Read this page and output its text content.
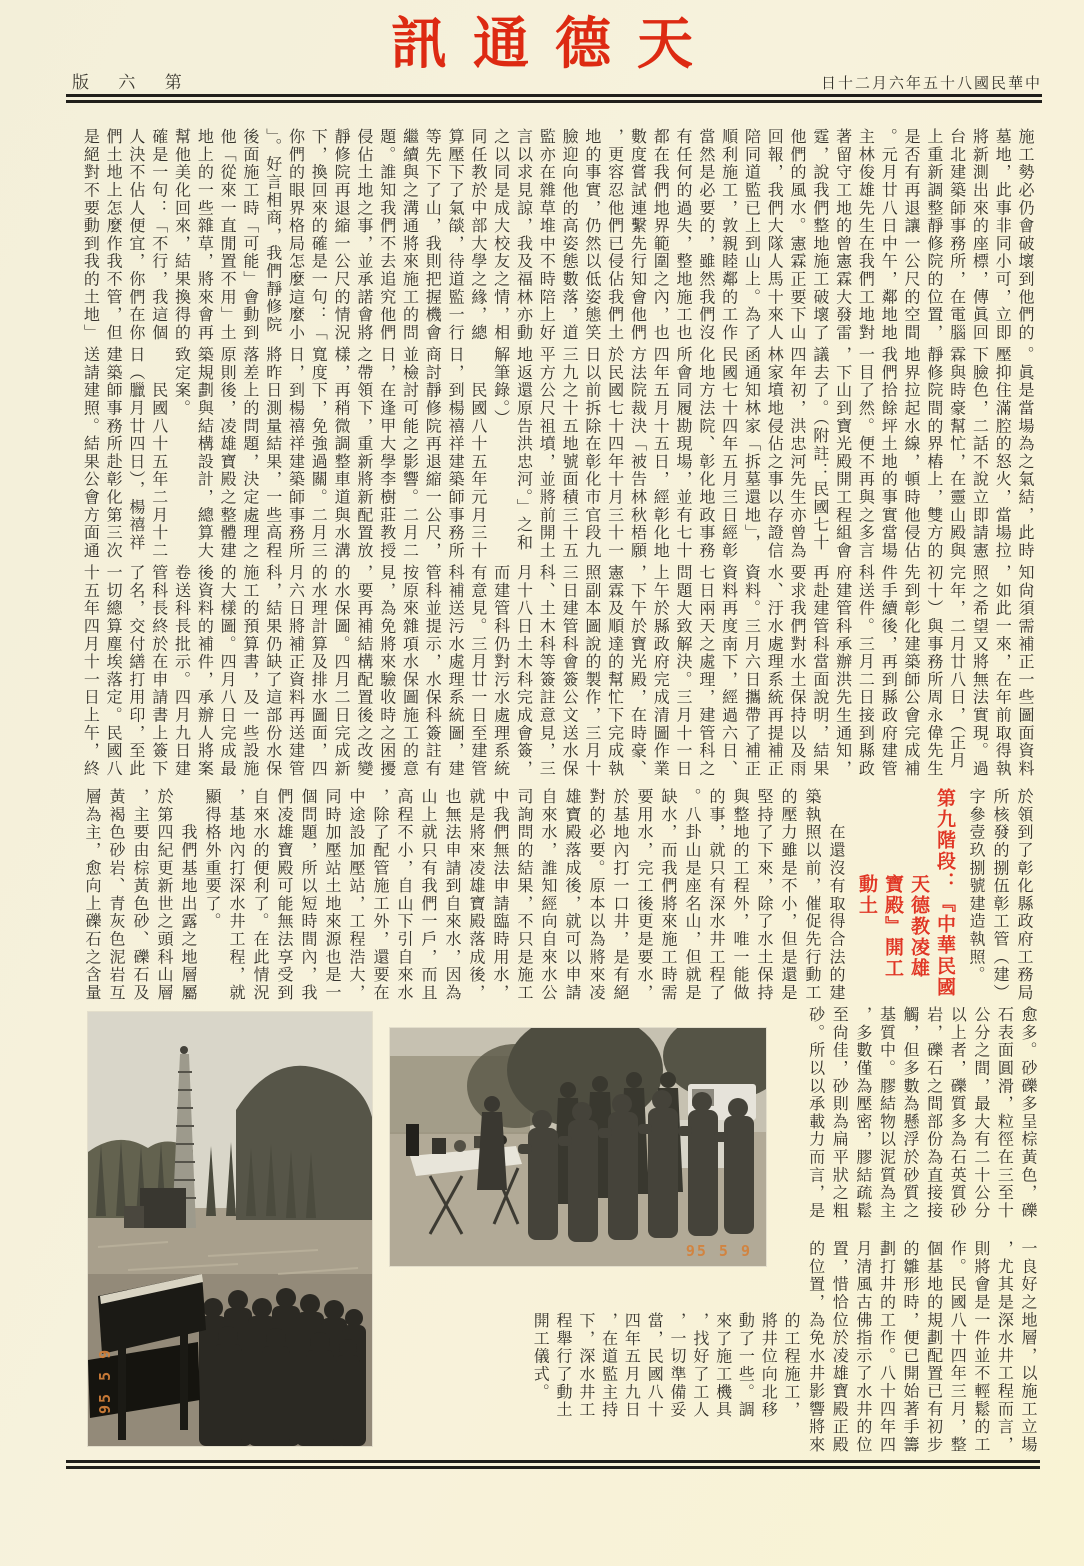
訊通德天
版 六 第	日十二月六年五十八國民華中

施工勢必仍會破壞到他們的墓地，此事非同小可，立即將新測出來的座標，傳眞回台北建築師事務所，在電腦上重新調整靜修院的位置，是否有再退讓一公尺的空間。元月廿八日中午，鄰地地主林俊雄先生在我們工地對著留守工地的曾憲霖大發雷霆，說我們整地施工破壞了他們的風水。憲霖正要下山回報，我們大隊人馬十來人陪同道監已上到山上。為了順利施工，敦親睦鄰的工作當然是必要的，雖然我們沒有任何的過失，整地施工也都在我們地界範圍之內，也數度嘗試連繫先行知會他們，更容忍他們已侵佔我們土地的事實，仍然以低姿態笑臉迎向他的高姿態數落，道監亦在雜草堆中不時陪上好言以求見諒，我及福林亦動之以同是成大校友之情，相同任教於中部大學之緣，總算壓下了氣燄，待道監一行等先下了山，我則把握機會繼續與之溝通將來施工的問題。誰知我們不去追究他們侵佔土地之事，並承諾會將靜修院再退縮一公尺的情況下，換回來的確是一句：「你們的眼界格局怎麼這麼小」。好言相商，我們靜修院後面施工時「可能」會動到他「從來一直閒置不用」土地上的一些雜草，將來會再幫他美化回來，結果換得的確是一句：「不行，我這個人決不佔人便宜，你們在你們土地上怎麼作我不管，但是絕對不要動到我的土地」

。眞是當場為之氣結，此時壓抑住滿腔的怒火，當場拉下臉色，二話不說立即請憲霖與時豪幫忙，在靈山殿與靜修院間的界樁上，雙方的地界拉起水線，頓時他侵佔我們拾餘坪土地的事實當場一目了然。便不再與之多言，下山到寶光殿開工程組會議去了。（附註：民國七十四年初，洪忠河先生亦曾為林家墳地侵佔之事以存證信函通知林家「拆墓還地」，民國七十四年五月三日經彰化地方法院、彰化地政事務所會同履勘現場，並有七十四年五月十五日，經彰化地方法院裁決「被告林秋梧願於民國七十四年十月三十一日以前拆除在彰化市官段九三九之十五地號面積三十五平方公尺祖墳，並將前開土地返還原告洪忠河。」之和解筆錄。）

　　民國八十五年元月三十日，到楊禧祥建築師事務所商討靜修院再退縮一公尺，並檢討可能之影響。二月二日，在逢甲大學李樹莊教授之帶領下，重新將新配置放樣，再稍微調整車道與水溝寬度下，免強過關。二月三日，到楊禧祥建築師事務所將昨日測量結果，一些高程落差上的問題，決定處理之原則後，凌雄寶殿之整體建築規劃與結構設計，總算大致定案。

　　民國八十五年二月十二日（臘月廿四日），楊禧祥建築師事務所赴彰化第三次送請建照。結果公會方面通

知尙須需補正一些圖面資料，如此一來，在年前取得執照之希望又將無法實現。過完年，二月廿八日，（正月初十）與事務所周永偉先生先到彰化建築師公會完成補件手續後，再到縣政府建管科送件。三月二日接到縣政府建管科承辦洪先生通知，再赴建管科當面說明，結果要求我們對水土保持以及雨水、汙水處理系統再提補正資料。三月六日攜帶了補正資料再度南下，經過六日、七日兩天之處理，建管科之問題大致解決。三月十一日上午於縣政府完成清圖作業，下午於寶光殿，在時豪、憲霖及順達的幫忙下完成執照副本圖說的製作，三月十三日建管科會簽公文送水保科、土木科等簽註意見，三月十八日土木科完成會簽，而建管科仍對污水處理系統有意見。三月廿一日至建管科補送污水處理系統圖，建管科並提示，水保科簽註有按原來雜項水保圖施工的意見，為免將來驗收時之困擾，要再補結構配置後之改變的水保圖。四月二日完成新的水理計算及排水圖面，四月六日將補正資料再送建管科，結果仍缺了這部份水保施工的預算書，及一些設施的大樣圖。四月八日完成最後資料的補件，承辦人將案卷送科長批示。四月九日建管科長終於在申請書上簽下了名，交付繕打用印，至此一切總算塵埃落定。民國八十五年四月十一日上午，終

於領到了彰化縣政府工務局所核發的捌伍彰工管（建）字參壹玖捌號建造執照。

第九階段：『中華民國
天德教凌雄
寶殿』開工
動土

　　在還沒有取得合法的建築執照以前，催促先行動工的壓力雖是不小，但是還是堅持了下來，除了水土保持與整地的工程外，唯一能做的事，就只有深水井工程了。八卦山是座名山，但就是缺水，而我們將來施工時需要用水，完工後更是要水，於基地內打一口井，是有絕對的必要。原本以為將來凌雄寶殿落成後，就可以申請自來水，誰知經向自來水公司詢問的結果，不只是施工中我們無法申請臨時用水，就是將來凌雄寶殿落成後，也無法申請到自來水，因為山上就只有我們一戶，而且高程不小，自山下引自來水，除了配管施工外，還要在中途設加壓站，工程浩大，同時加壓站土地來源也是一個問題，所以短時間內，我們凌雄寶殿可能無法享受到自來水的便利了。在此情況，基地內打深水井工程，就顯得格外重要了。

　　我們基地出露之地層屬於第四紀更新世之頭科山層，主要由棕黃色砂、礫石及黃褐色砂岩、青灰色泥岩互層為主，愈向上礫石之含量

愈多。砂礫多呈棕黃色，礫石表面圓滑，粒徑在三至十公分之間，最大有二十公分以上者，礫質多為石英質砂岩，礫石之間部份為直接接觸，但多數為懸浮於砂質之基質中。膠結物以泥質為主，多數僅為壓密，膠結疏鬆至尙佳，砂則為扁平狀之粗砂。所以以承載力而言，是

一良好之地層，以施工立場，尤其是深水井工程而言，則將會是一件並不輕鬆的工作。民國八十四年三月，整個基地的規劃配置已有初步的雛形時，便已開始著手籌劃打井的工作。八十四年四月清風古佛指示了水井的位置，惜恰位於凌雄寶殿正殿的位置，為免水井影響將來

的工程施工，將井位向北移動了一些。調來了施工機具，找好了工人，一切準備妥當，民國八十四年五月九日，在道監主持下，深水井工程舉行了動土開工儀式。

95 5 9
95 5 9
